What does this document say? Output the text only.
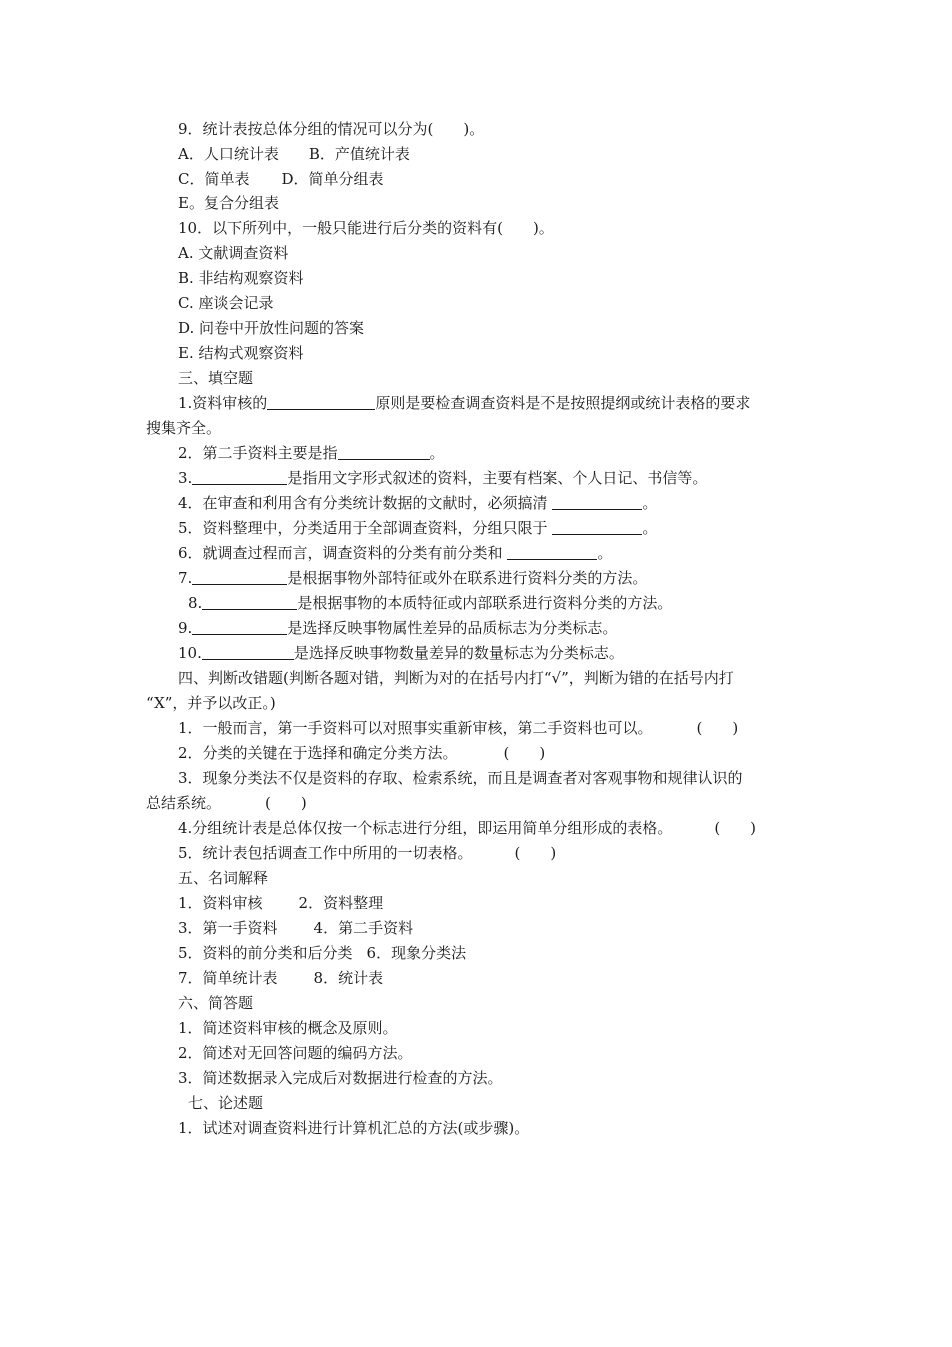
9．统计表按总体分组的情况可以分为(　　)。
A．人口统计表 B．产值统计表
C．简单表 D．简单分组表
E。复合分组表
10．以下所列中，一般只能进行后分类的资料有(　　)。
A. 文献调查资料
B. 非结构观察资料
C. 座谈会记录
D. 问卷中开放性问题的答案
E. 结构式观察资料
三、填空题
1.资料审核的	原则是要检查调查资料是不是按照提纲或统计表格的要求
搜集齐全。
2．第二手资料主要是指	。
3.	是指用文字形式叙述的资料，主要有档案、个人日记、书信等。
4．在审查和利用含有分类统计数据的文献时，必须搞清	。
5．资料整理中，分类适用于全部调查资料，分组只限于	。
6．就调查过程而言，调查资料的分类有前分类和	。
7.	是根据事物外部特征或外在联系进行资料分类的方法。
8.	是根据事物的本质特征或内部联系进行资料分类的方法。
9.	是选择反映事物属性差异的品质标志为分类标志。
10.	是选择反映事物数量差异的数量标志为分类标志。
四、判断改错题(判断各题对错，判断为对的在括号内打“√”，判断为错的在括号内打
“X”，并予以改正。)
1．一般而言，第一手资料可以对照事实重新审核，第二手资料也可以。	(　　)
2．分类的关键在于选择和确定分类方法。	(　　)
3．现象分类法不仅是资料的存取、检索系统，而且是调查者对客观事物和规律认识的
总结系统。	(　　)
4.分组统计表是总体仅按一个标志进行分组，即运用简单分组形成的表格。	(　　)
5．统计表包括调查工作中所用的一切表格。	(　　)
五、名词解释
1．资料审核 2．资料整理
3．第一手资料 4．第二手资料
5．资料的前分类和后分类 6．现象分类法
7．简单统计表 8．统计表
六、简答题
1．简述资料审核的概念及原则。
2．简述对无回答问题的编码方法。
3．简述数据录入完成后对数据进行检查的方法。
七、论述题
1．试述对调查资料进行计算机汇总的方法(或步骤)。
